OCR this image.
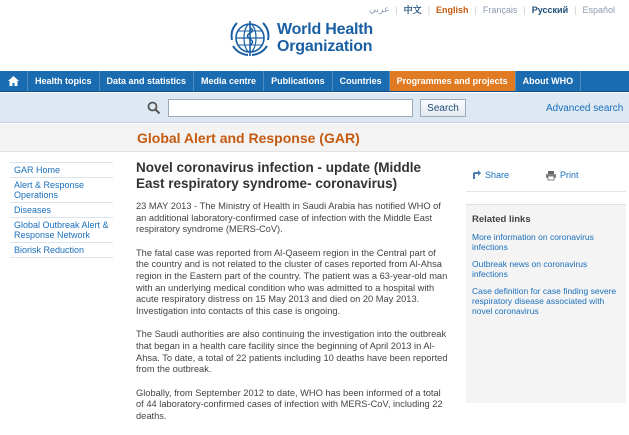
عربي | 中文 | English | Français | Русский | Español
World Health
Organization
Health topics	Data and statistics	Media centre	Publications	Countries	Programmes and projects	About WHO
Search	Advanced search
Global Alert and Response (GAR)
GAR Home
Alert & Response Operations
Diseases
Global Outbreak Alert & Response Network
Biorisk Reduction
Novel coronavirus infection - update (Middle East respiratory syndrome- coronavirus)

23 MAY 2013 - The Ministry of Health in Saudi Arabia has notified WHO of an additional laboratory-confirmed case of infection with the Middle East respiratory syndrome (MERS-CoV).

The fatal case was reported from Al-Qaseem region in the Central part of the country and is not related to the cluster of cases reported from Al-Ahsa region in the Eastern part of the country. The patient was a 63-year-old man with an underlying medical condition who was admitted to a hospital with acute respiratory distress on 15 May 2013 and died on 20 May 2013. Investigation into contacts of this case is ongoing.

The Saudi authorities are also continuing the investigation into the outbreak that began in a health care facility since the beginning of April 2013 in Al-Ahsa. To date, a total of 22 patients including 10 deaths have been reported from the outbreak.

Globally, from September 2012 to date, WHO has been informed of a total of 44 laboratory-confirmed cases of infection with MERS-CoV, including 22 deaths.

Share	Print
Related links
More information on coronavirus infections
Outbreak news on coronavirus infections
Case definition for case finding severe respiratory disease associated with novel coronavirus
